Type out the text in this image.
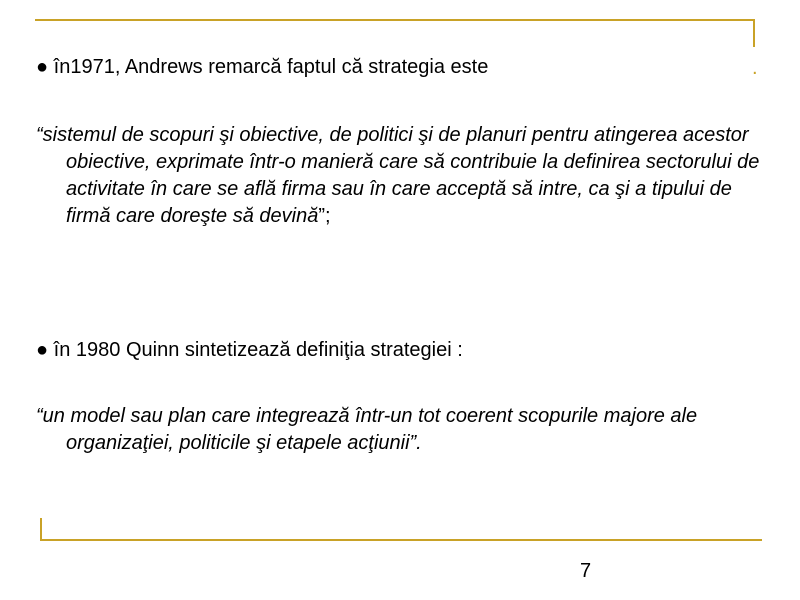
.

● în1971, Andrews remarcă faptul că strategia este

“sistemul de scopuri şi obiective, de politici şi de planuri pentru atingerea acestor obiective, exprimate într-o manieră care să contribuie la definirea sectorului de activitate în care se află firma sau în care acceptă să intre, ca şi a tipului de firmă care doreşte să devină”;

● în 1980 Quinn sintetizează definiţia strategiei :

“un model sau plan care integrează într-un tot coerent scopurile majore ale organizaţiei, politicile şi etapele acţiunii”.

7
